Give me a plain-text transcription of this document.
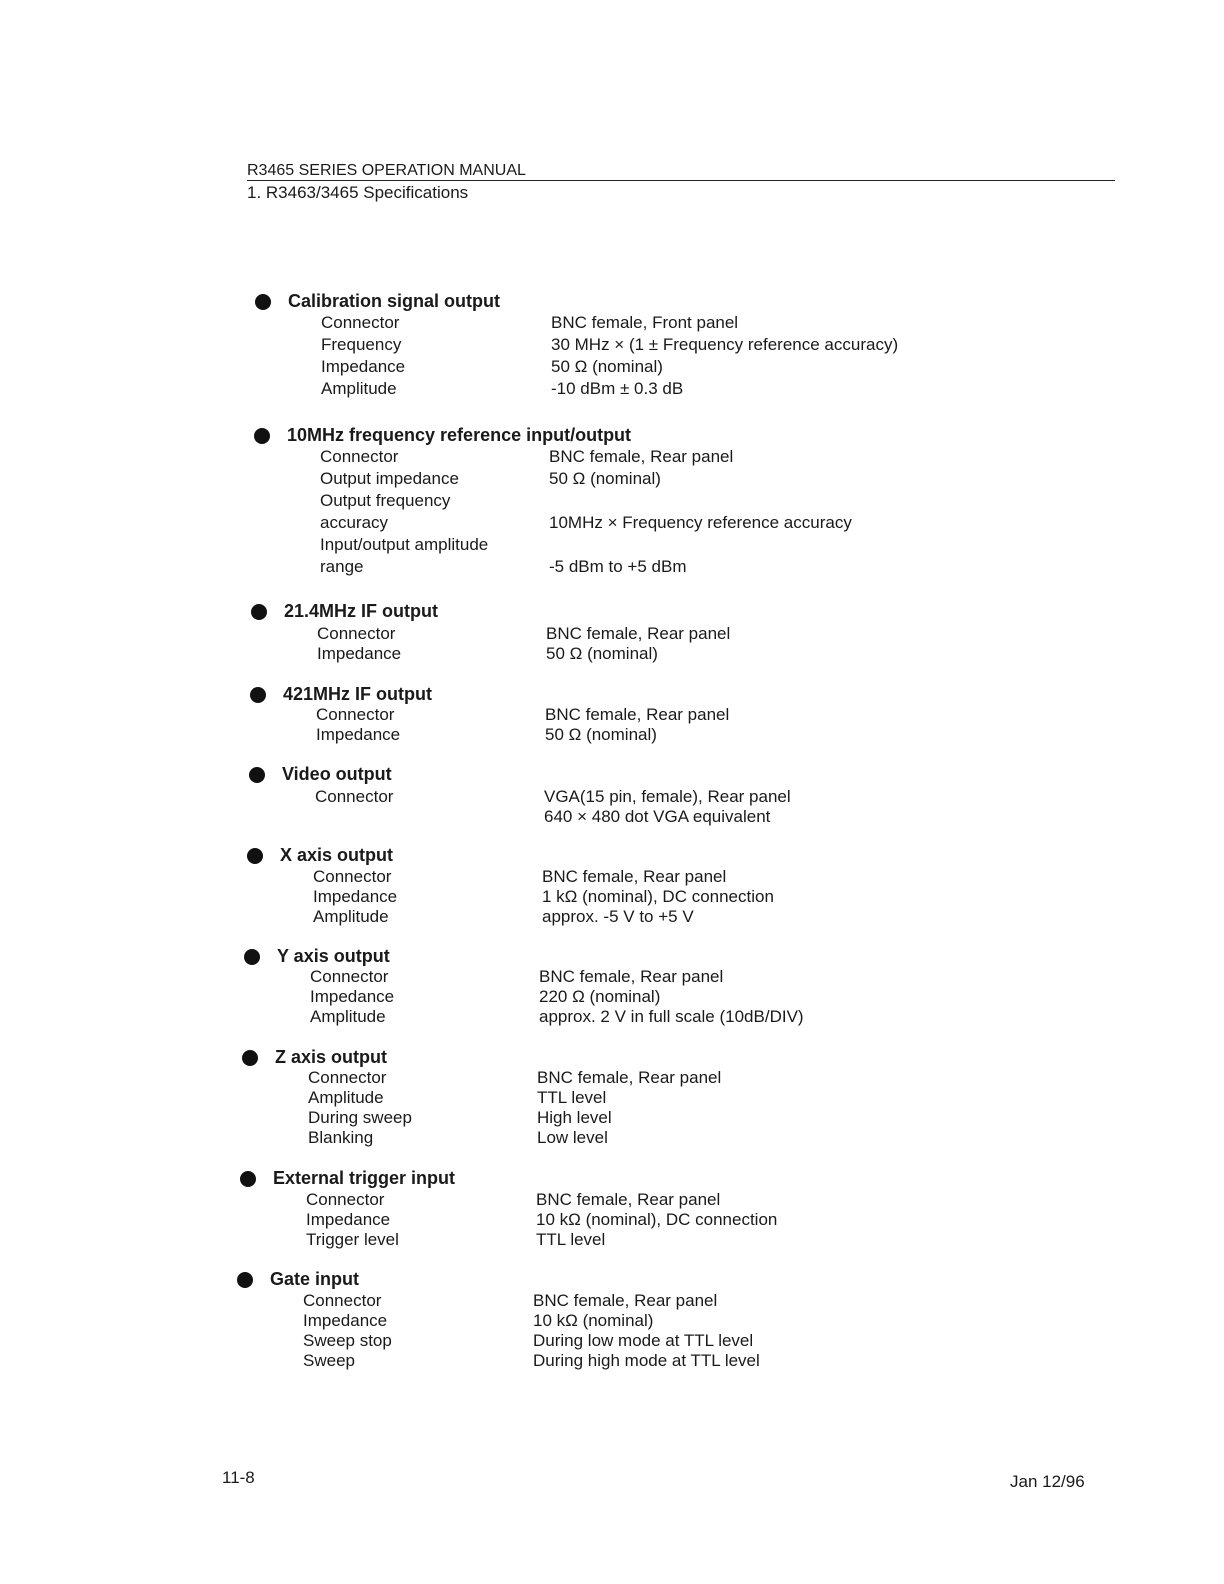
R3465 SERIES OPERATION MANUAL
1. R3463/3465 Specifications
Calibration signal output
Connector	BNC female, Front panel
Frequency	30 MHz × (1 ± Frequency reference accuracy)
Impedance	50 Ω (nominal)
Amplitude	-10 dBm ± 0.3 dB
10MHz frequency reference input/output
Connector	BNC female, Rear panel
Output impedance	50 Ω (nominal)
Output frequency
accuracy	10MHz × Frequency reference accuracy
Input/output amplitude
range	-5 dBm to +5 dBm
21.4MHz IF output
Connector	BNC female, Rear panel
Impedance	50 Ω (nominal)
421MHz IF output
Connector	BNC female, Rear panel
Impedance	50 Ω (nominal)
Video output
Connector	VGA(15 pin, female), Rear panel
640 × 480 dot VGA equivalent
X axis output
Connector	BNC female, Rear panel
Impedance	1 kΩ (nominal), DC connection
Amplitude	approx. -5 V to +5 V
Y axis output
Connector	BNC female, Rear panel
Impedance	220 Ω (nominal)
Amplitude	approx. 2 V in full scale (10dB/DIV)
Z axis output
Connector	BNC female, Rear panel
Amplitude	TTL level
During sweep	High level
Blanking	Low level
External trigger input
Connector	BNC female, Rear panel
Impedance	10 kΩ (nominal), DC connection
Trigger level	TTL level
Gate input
Connector	BNC female, Rear panel
Impedance	10 kΩ (nominal)
Sweep stop	During low mode at TTL level
Sweep	During high mode at TTL level
11-8	Jan 12/96
